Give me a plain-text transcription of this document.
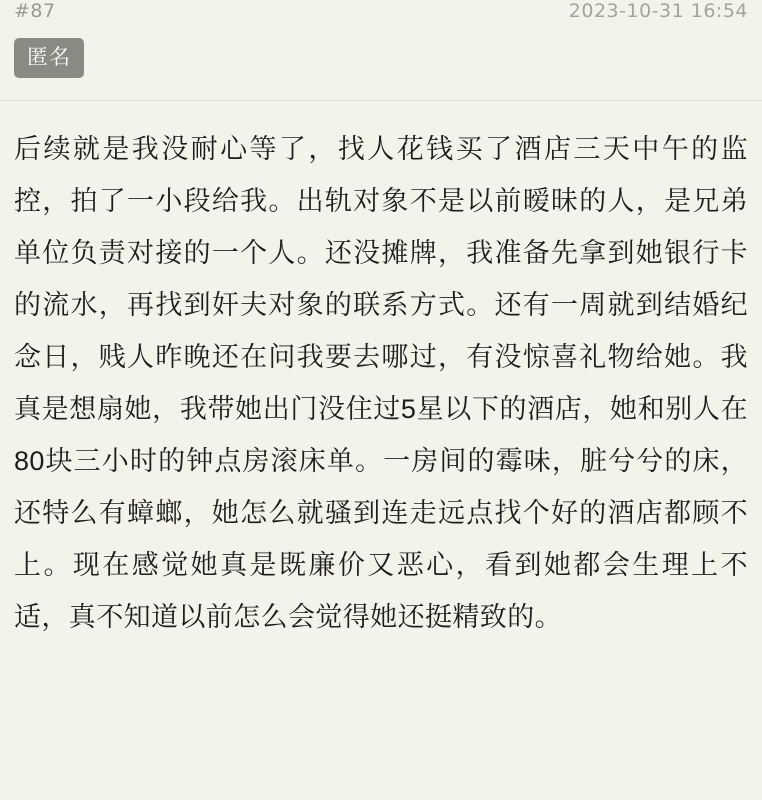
#87	2023-10-31 16:54
匿名
后续就是我没耐心等了，找人花钱买了酒店三天中午的监控，拍了一小段给我。出轨对象不是以前暧昧的人，是兄弟单位负责对接的一个人。还没摊牌，我准备先拿到她银行卡的流水，再找到奸夫对象的联系方式。还有一周就到结婚纪念日，贱人昨晚还在问我要去哪过，有没惊喜礼物给她。我真是想扇她，我带她出门没住过5星以下的酒店，她和别人在80块三小时的钟点房滚床单。一房间的霉味，脏兮兮的床，还特么有蟑螂，她怎么就骚到连走远点找个好的酒店都顾不上。现在感觉她真是既廉价又恶心，看到她都会生理上不适，真不知道以前怎么会觉得她还挺精致的。
